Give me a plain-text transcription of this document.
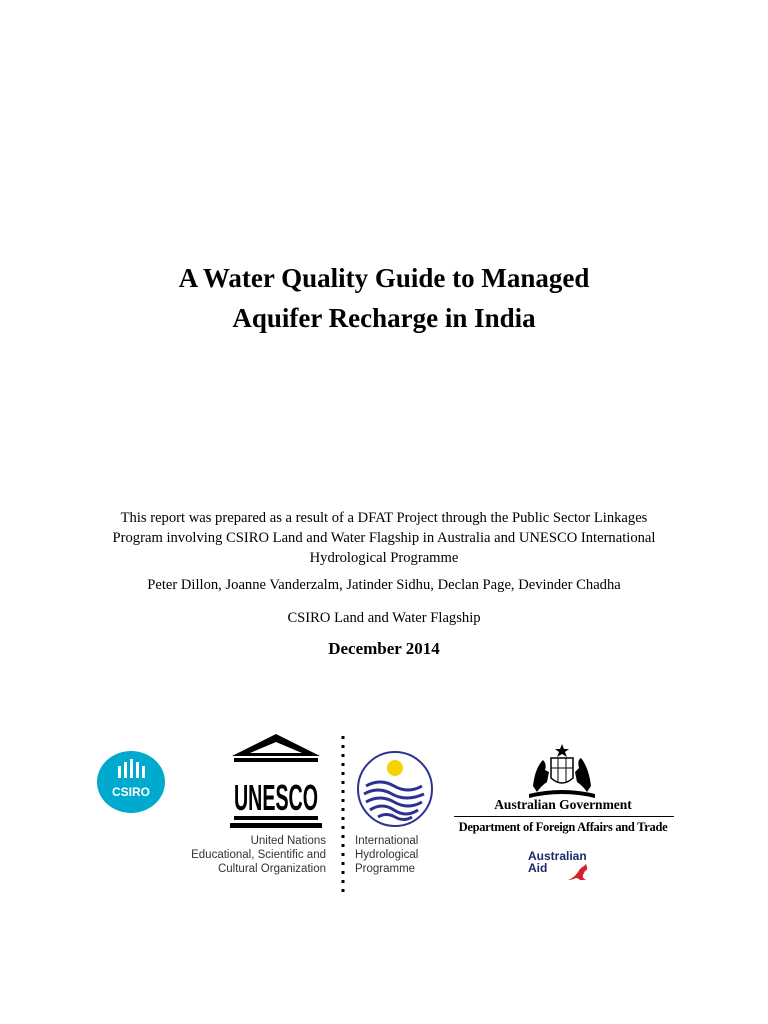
A Water Quality Guide to Managed
Aquifer Recharge in India
This report was prepared as a result of a DFAT Project through the Public Sector Linkages
Program involving CSIRO Land and Water Flagship in Australia and UNESCO International
Hydrological Programme
Peter Dillon, Joanne Vanderzalm, Jatinder Sidhu, Declan Page, Devinder Chadha
CSIRO Land and Water Flagship
December 2014
CSIRO UNESCO
United Nations
Educational, Scientific and
Cultural Organization
International
Hydrological
Programme
Australian Government
Department of Foreign Affairs and Trade
Australian
Aid
